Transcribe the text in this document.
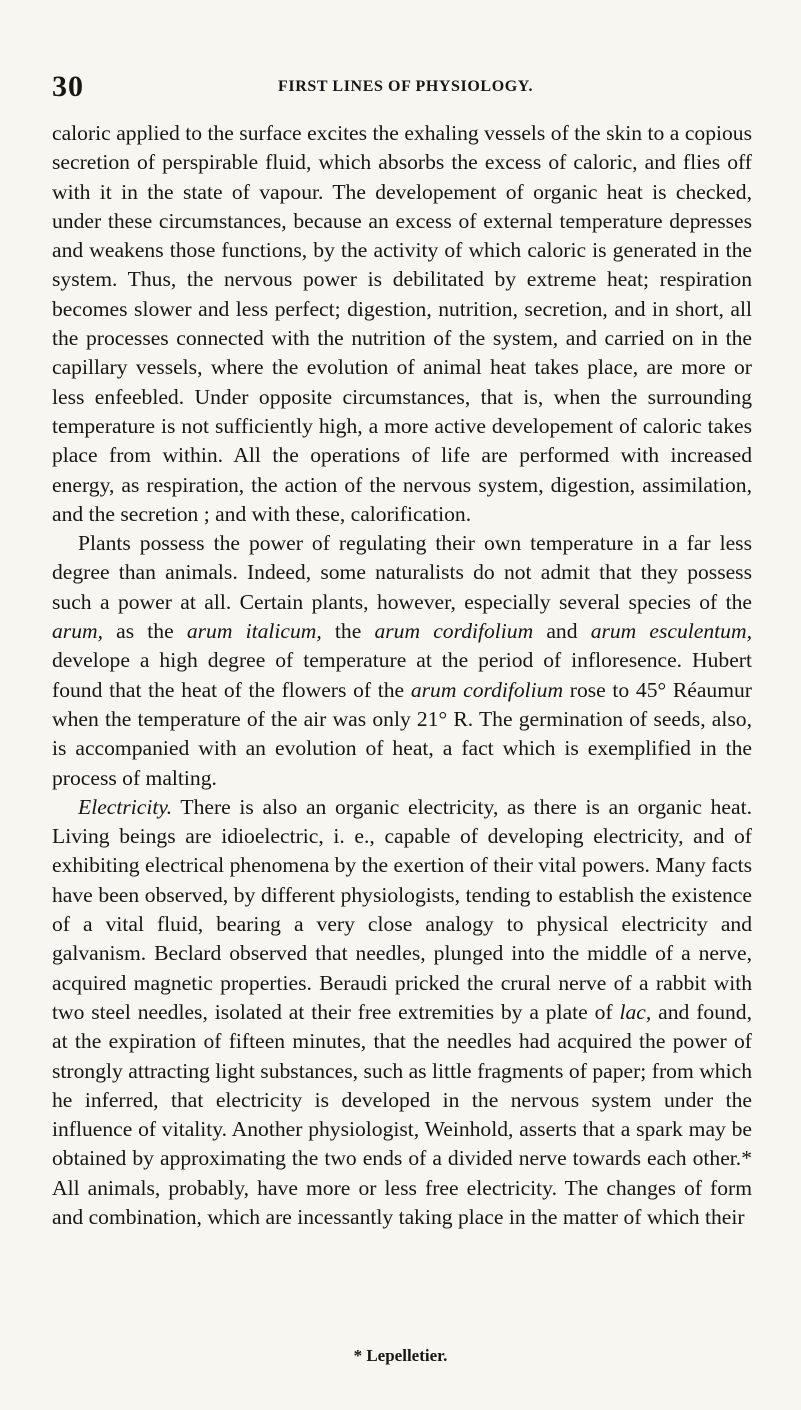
30	FIRST LINES OF PHYSIOLOGY.

caloric applied to the surface excites the exhaling vessels of the skin to a copious secretion of perspirable fluid, which absorbs the excess of caloric, and flies off with it in the state of vapour. The developement of organic heat is checked, under these circumstances, because an excess of external temperature depresses and weakens those functions, by the activity of which caloric is generated in the system. Thus, the nervous power is debilitated by extreme heat; respiration becomes slower and less perfect; digestion, nutrition, secretion, and in short, all the processes connected with the nutrition of the system, and carried on in the capillary vessels, where the evolution of animal heat takes place, are more or less enfeebled. Under opposite circumstances, that is, when the surrounding temperature is not sufficiently high, a more active developement of caloric takes place from within. All the operations of life are performed with increased energy, as respiration, the action of the nervous system, digestion, assimilation, and the secretion ; and with these, calorification.

Plants possess the power of regulating their own temperature in a far less degree than animals. Indeed, some naturalists do not admit that they possess such a power at all. Certain plants, however, especially several species of the arum, as the arum italicum, the arum cordifolium and arum esculentum, develope a high degree of temperature at the period of infloresence. Hubert found that the heat of the flowers of the arum cordifolium rose to 45° Réaumur when the temperature of the air was only 21° R. The germination of seeds, also, is accompanied with an evolution of heat, a fact which is exemplified in the process of malting.

Electricity. There is also an organic electricity, as there is an organic heat. Living beings are idioelectric, i. e., capable of developing electricity, and of exhibiting electrical phenomena by the exertion of their vital powers. Many facts have been observed, by different physiologists, tending to establish the existence of a vital fluid, bearing a very close analogy to physical electricity and galvanism. Beclard observed that needles, plunged into the middle of a nerve, acquired magnetic properties. Beraudi pricked the crural nerve of a rabbit with two steel needles, isolated at their free extremities by a plate of lac, and found, at the expiration of fifteen minutes, that the needles had acquired the power of strongly attracting light substances, such as little fragments of paper; from which he inferred, that electricity is developed in the nervous system under the influence of vitality. Another physiologist, Weinhold, asserts that a spark may be obtained by approximating the two ends of a divided nerve towards each other.* All animals, probably, have more or less free electricity. The changes of form and combination, which are incessantly taking place in the matter of which their

* Lepelletier.
